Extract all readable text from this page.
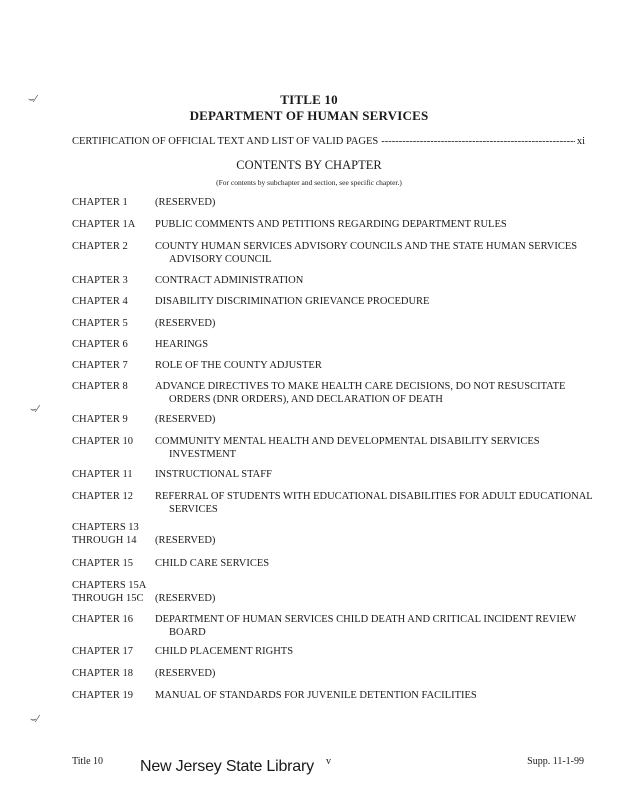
TITLE 10
DEPARTMENT OF HUMAN SERVICES
CERTIFICATION OF OFFICIAL TEXT AND LIST OF VALID PAGES
-----	xi
CONTENTS BY CHAPTER
(For contents by subchapter and section, see specific chapter.)
CHAPTER 1	(RESERVED)
CHAPTER 1A	PUBLIC COMMENTS AND PETITIONS REGARDING DEPARTMENT RULES
CHAPTER 2	COUNTY HUMAN SERVICES ADVISORY COUNCILS AND THE STATE HUMAN SERVICES ADVISORY COUNCIL
CHAPTER 3	CONTRACT ADMINISTRATION
CHAPTER 4	DISABILITY DISCRIMINATION GRIEVANCE PROCEDURE
CHAPTER 5	(RESERVED)
CHAPTER 6	HEARINGS
CHAPTER 7	ROLE OF THE COUNTY ADJUSTER
CHAPTER 8	ADVANCE DIRECTIVES TO MAKE HEALTH CARE DECISIONS, DO NOT RESUSCITATE ORDERS (DNR ORDERS), AND DECLARATION OF DEATH
CHAPTER 9	(RESERVED)
CHAPTER 10	COMMUNITY MENTAL HEALTH AND DEVELOPMENTAL DISABILITY SERVICES INVESTMENT
CHAPTER 11	INSTRUCTIONAL STAFF
CHAPTER 12	REFERRAL OF STUDENTS WITH EDUCATIONAL DISABILITIES FOR ADULT EDUCATIONAL SERVICES
CHAPTERS 13
THROUGH 14	(RESERVED)
CHAPTER 15	CHILD CARE SERVICES
CHAPTERS 15A
THROUGH 15C	(RESERVED)
CHAPTER 16	DEPARTMENT OF HUMAN SERVICES CHILD DEATH AND CRITICAL INCIDENT REVIEW BOARD
CHAPTER 17	CHILD PLACEMENT RIGHTS
CHAPTER 18	(RESERVED)
CHAPTER 19	MANUAL OF STANDARDS FOR JUVENILE DETENTION FACILITIES
Title 10	v	Supp. 11-1-99
New Jersey State Library
⌣⁄
⌣⁄
⌣⁄
